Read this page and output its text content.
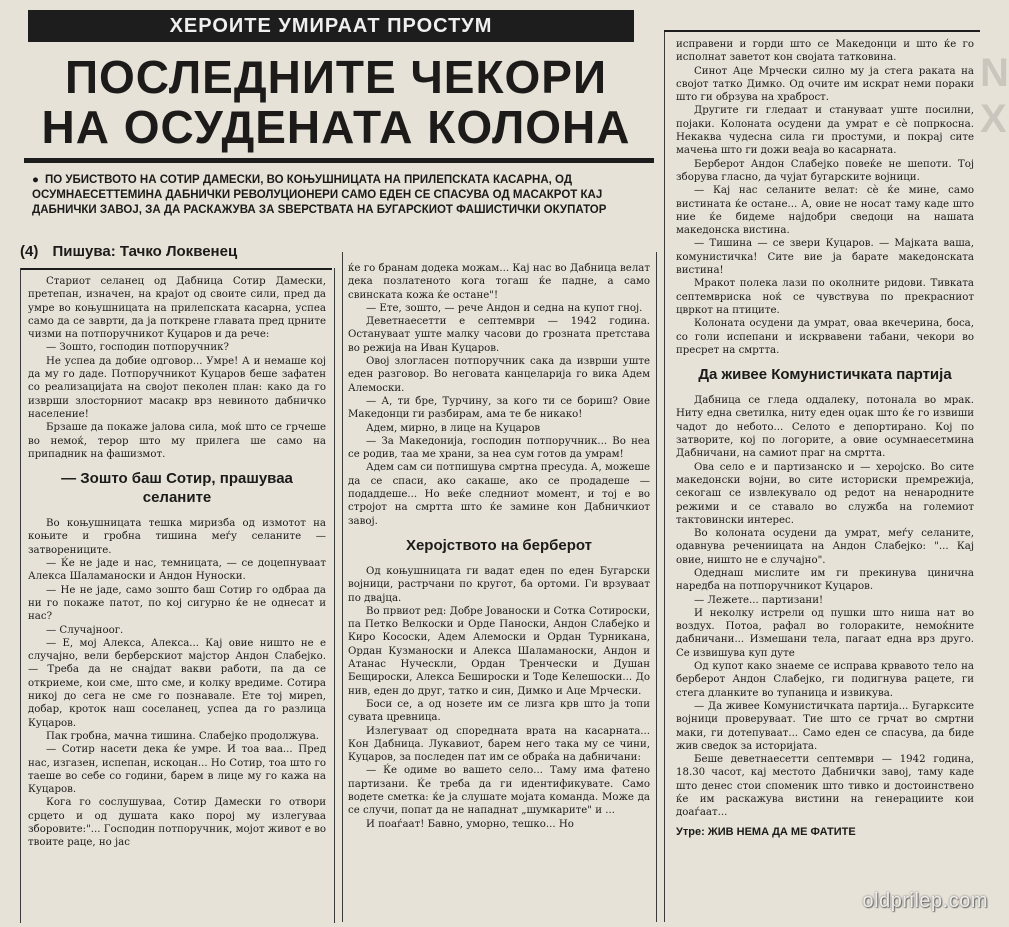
ХЕРОИТЕ УМИРААТ ПРОСТУМ
ПОСЛЕДНИТЕ ЧЕКОРИ
НА ОСУДЕНАТА КОЛОНА
● ПО УБИСТВОТО НА СОТИР ДАМЕСКИ, ВО КОЊУШНИЦАТА НА ПРИЛЕПСКАТА КАСАРНА, ОД ОСУМНАЕСЕТТЕМИНА ДАБНИЧКИ РЕВОЛУЦИОНЕРИ САМО ЕДЕН СЕ СПАСУВА ОД МАСАКРОТ КАЈ ДАБНИЧКИ ЗАВОЈ, ЗА ДА РАСКАЖУВА ЗА ЅВЕРСТВАТА НА БУГАРСКИОТ ФАШИСТИЧКИ ОКУПАТОР
(4) Пишува: Тачко Локвенец

Стариот селанец од Дабница Сотир Дамески, претепан, изначен, на крајот од своите сили, пред да умре во коњушницата на прилепската касарна, успеа само да се заврти, да ја поткрене главата пред црните чизми на потпоручникот Куцаров и да рече:

— Зошто, господин потпоручник?

Не успеа да добие одговор... Умре! А и немаше кој да му го даде. Потпоручникот Куцаров беше зафатен со реализацијата на својот пеколен план: како да го изврши злосторниот масакр врз невиното дабничко население!

Брзаше да покаже јалова сила, моќ што се грчеше во немоќ, терор што му прилега ше само на припадник на фашизмот.

— Зошто баш Сотир, прашуваа селаните

Во коњушницата тешка миризба од измотот на коњите и гробна тишина меѓу селаните — затворениците.

— Ќе не јаде и нас, темницата, — се доцепнуваат Алекса Шаламаноски и Андон Нуноски.

— Не не јаде, само зошто баш Сотир го одбраа да ни го покаже патот, по кој сигурно ќе не однесат и нас?

— Случајноог.

— Е, мој Алекса, Алекса... Кај овие ништо не е случајно, вели берберскиот мајстор Андон Слабејко. — Треба да не снајдат вакви работи, па да се откриеме, кои сме, што сме, и колку вредиме. Сотира никој до сега не сме го познавале. Ете тој миреn, добар, кроток наш соселанец, успеа да го разлица Куцаров.

Пак гробна, мачна тишина. Слабејко продолжува.

— Сотир насети дека ќе умре. И тоа ваа... Пред нас, изгазен, испепан, искоцан... Но Сотир, тоа што го таеше во себе со години, барем в лице му го кажа на Куцаров.

Кога го сослушуваа, Сотир Дамески го отвори срцето и од душата како порој му излегуваа зборовите:"... Господин потпоручник, мојот живот е во твоите раце, но јас

ќе го бранам додека можам... Кај нас во Дабница велат дека позлатеното кога тогаш ќе падне, а само свинската кожа ќе остане"!

— Ете, зошто, — рече Андон и седна на купот гној.

Деветнаесетти е септември — 1942 година. Остануваат уште малку часови до грозната претстава во режија на Иван Куцаров.

Овој злогласен потпоручник сака да изврши уште еден разговор. Во неговата канцеларија го вика Адем Алемоски.

— А, ти бре, Турчину, за кого ти се бориш? Овие Македонци ги разбирам, ама те бе никако!

Адем, мирно, в лице на Куцаров

— За Македонија, господин потпоручник... Во неа се родив, таа ме храни, за неа сум готов да умрам!

Адем сам си потпишува смртна пресуда. А, можеше да се спаси, ако сакаше, ако се продадеше — подаддеше... Но веќе следниот момент, и тој е во стројот на смртта што ќе замине кон Дабничкиот завој.

Херојството на берберот

Од коњушницата ги вадат еден по еден Бугарски војници, растрчани по кругот, ба ортоми. Ги врзуваат по двајца.

Во првиот ред: Добре Јованоски и Сотка Сотироски, па Петко Велкоски и Орде Паноски, Андон Слабејко и Киро Кососки, Адем Алемоски и Ордан Турникана, Ордан Кузманоски и Алекса Шаламаноски, Андон и Атанас Нуческли, Ордан Тренчески и Душан Бещироски, Алекса Бешироски и Тоде Келешоски... До нив, еден до друг, татко и син, Димко и Аце Мрчески.

Боси се, а од нозете им се лизга крв што ја топи сувата цревница.

Излегуваат од спореднaта врата на касарната... Кон Дабница. Лукавиот, барем него така му се чини, Куцаров, за последен пат им се обраќа на дабничани:

— Ќе одиме во вашето село... Таму има фатено партизани. Ќе треба да ги идентификувате. Само водете сметка: ќе ја слушате мојата команда. Може да се случи, попат да не нападнат „шумкарите" и ...

И поаѓаат! Бавно, уморно, тешко... Но

исправени и горди што се Македонци и што ќе го исполнат заветот кон својата татковина.

Синот Аце Мрчески силно му ја стега раката на својот татко Димко. Од очите им искрат неми пораки што ги обрзува на храброст.

Другите ги гледаат и стануваат уште посилни, појаки. Колоната осудени да умрат е сè попркосна. Некаква чудесна сила ги простуми, и покрај сите мачења што ги дожи веаја во касарната.

Берберот Андон Слабејко повеќе не шепоти. Тој зборува гласно, да чујат бугарските војници.

— Кај нас селаните велат: сè ќе мине, само вистината ќе остане... А, овие не носат таму каде што ние ќе бидеме најдобри сведоци на нашата македонска вистина.

— Тишина — се звери Куцаров. — Мајката ваша, комунистичка! Сите вие ја барате македонската вистина!

Мракот полека лази по околните ридови. Тивката септемвриска ноќ се чувствува по прекрасниот цвркот на птиците.

Колоната осудени да умрат, оваа вкечерина, боса, со голи испепани и искрвавени табани, чекори во пресрет на смртта.

Да живее Комунистичката партија

Дабница се гледа оддалеку, потонала во мрак. Ниту една светилка, ниту еден оџак што ќе го извиши чадот до небото... Селото е депортирано. Кој по затворите, кој по логорите, а овие осумнаесетмина Дабничани, на самиот праг на смртта.

Ова село е и партизанско и — херојско. Во сите македонски војни, во сите историски премрежија, секогаш се извлекувало од редот на ненародните режими и се ставало во служба на големиот тактовински интерес.

Во колоната осудени да умрат, меѓу селаните, одавнува речениицата на Андон Слабејко: "... Кај овие, ништо не е случајно".

Одеднаш мислите им ги прекинува цинична наредба на потпоручникот Куцаров.

— Лежете... партизани!

И неколку истрели од пушки што ниша нат во воздух. Потоа, рафал во голорaките, немоќните дабничани... Измешани тела, пагаат една врз друго. Се извишува куп дуте

Од купот како знаеме се исправа крвавото тело на берберот Андон Слабејко, ги подигнува рацете, ги стега дланките во тупаница и извикува.

— Да живее Комунистичката партија... Бугарксите војници проверуваат. Тие што се грчат во смртни маки, ги дотепуваат... Само еден се спасува, да биде жив сведок за историјата.

Беше деветнаесетти септември — 1942 година, 18.30 часот, кај местото Дабнички завој, таму каде што денес стои споменик што тивко и достоинствено ќе им раскажува вистини на генерациите кои доаѓаат...

Утре: ЖИВ НЕМА ДА МЕ ФАТИТЕ

N X
oldprilep.com
